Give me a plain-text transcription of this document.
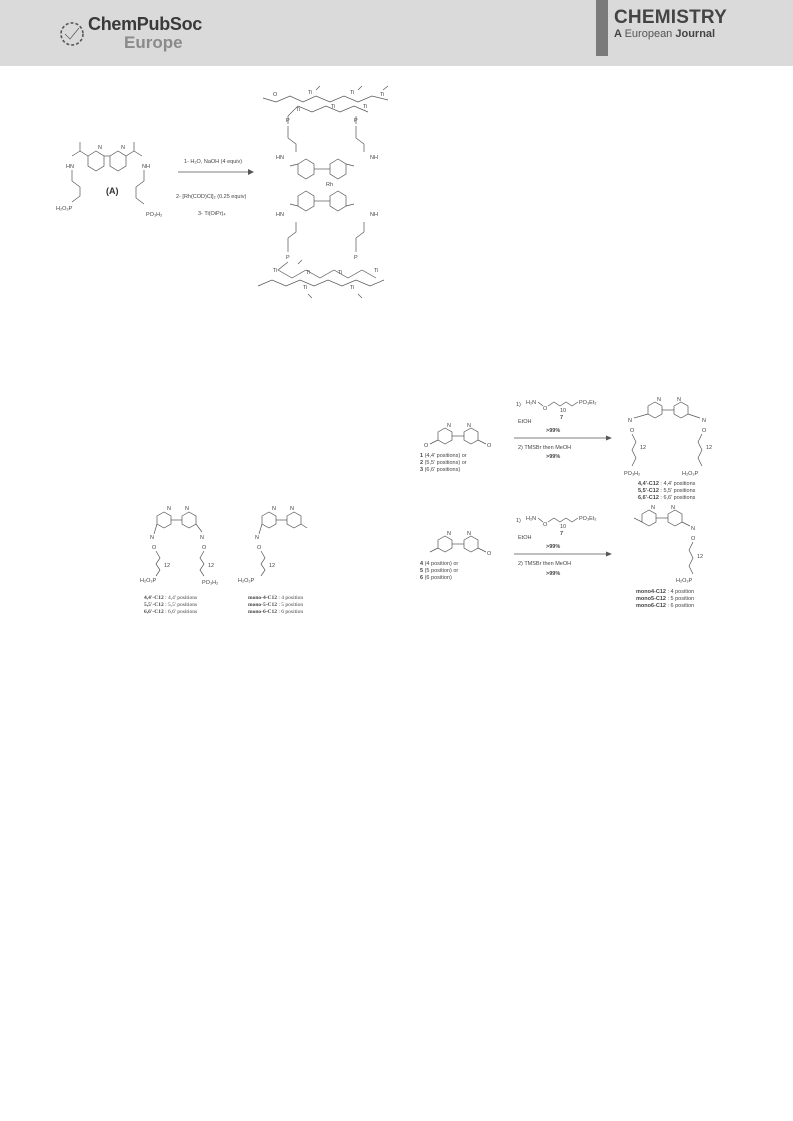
ChemPubSoc
Europe
CHEMISTRY
A European Journal
N	N
HN
H₂O₃P
NH
PO₃H₂
(A)
1- H₂O, NaOH (4 equiv)
2- [Rh(COD)Cl]₂ (0.25 equiv)
3- Ti(OiPr)₄
O	Ti	Ti	Ti
Ti	Ti	Ti
P	P
HN	NH
Rh
HN	NH
P	P
Ti	Ti	Ti	Ti
Ti	Ti
N	N
N
O
12
H₂O₃P
N
O
12
PO₃H₂
N	N
N
O
12
H₂O₃P
4,4'-C12 : 4,4' positions
5,5'-C12 : 5,5' positions
6,6'-C12 : 6,6' positions
mono-4-C12 : 4 position
mono-5-C12 : 5 position
mono-6-C12 : 6 position
N	N
O	O
1 (4,4' positions) or
2 (5,5' positions) or
3 (6,6' positions)
1) H₂N
O 10
PO₃Et₂
7
EtOH
>99%
2) TMSBr then MeOH
>99%
N	N
N
O
12
N
O
12
PO₃H₂	H₂O₃P
4,4'-C12 : 4,4' positions
5,5'-C12 : 5,5' positions
6,6'-C12 : 6,6' positions
N	N
O
4 (4 position) or
5 (5 position) or
6 (6 position)
1) H₂N
O 10
PO₃Et₂
7
EtOH
>99%
2) TMSBr then MeOH
>99%
N	N
N
O
12
H₂O₃P
mono4-C12 : 4 position
mono5-C12 : 5 position
mono6-C12 : 6 position
